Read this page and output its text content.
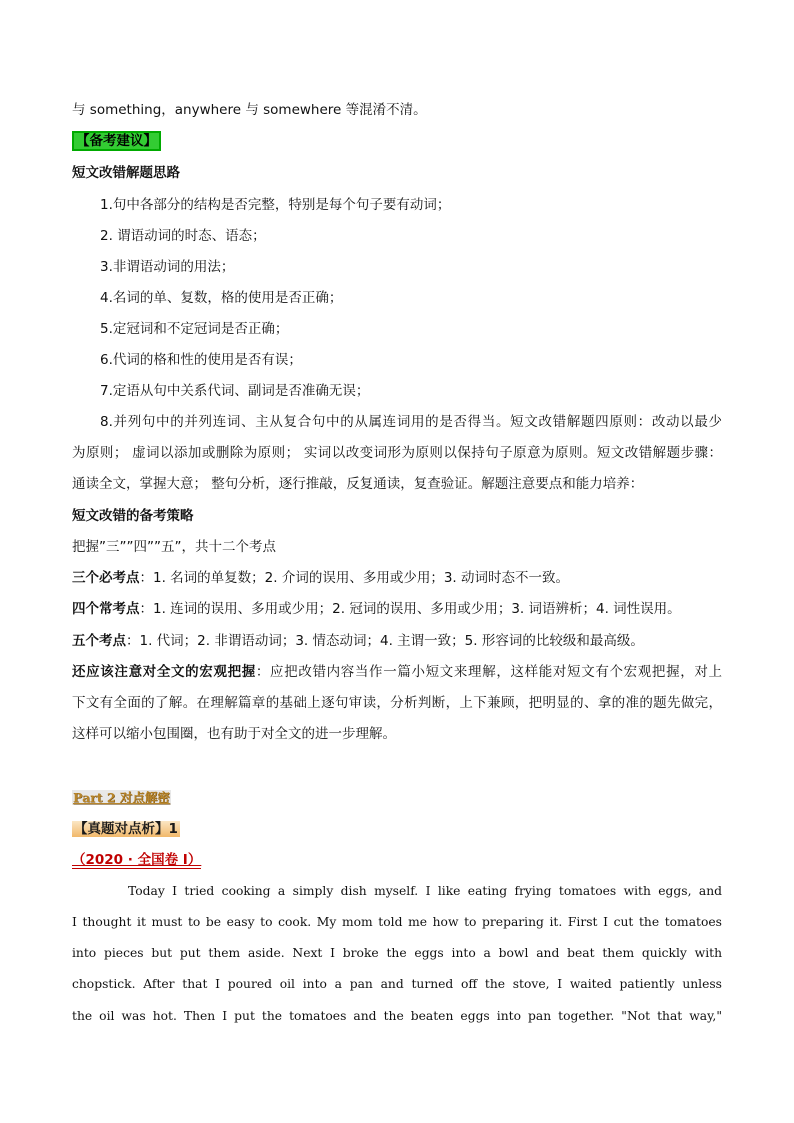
与 something，anywhere 与 somewhere 等混淆不清。
【备考建议】
短文改错解题思路
1.句中各部分的结构是否完整，特别是每个句子要有动词；
2. 谓语动词的时态、语态；
3.非谓语动词的用法；
4.名词的单、复数，格的使用是否正确；
5.定冠词和不定冠词是否正确；
6.代词的格和性的使用是否有误；
7.定语从句中关系代词、副词是否准确无误；
8.并列句中的并列连词、主从复合句中的从属连词用的是否得当。短文改错解题四原则：改动以最少
为原则； 虚词以添加或删除为原则； 实词以改变词形为原则以保持句子原意为原则。短文改错解题步骤：
通读全文，掌握大意； 整句分析，逐行推敲，反复通读，复查验证。解题注意要点和能力培养：
短文改错的备考策略
把握”三””四””五”，共十二个考点
三个必考点：1. 名词的单复数；2. 介词的误用、多用或少用；3. 动词时态不一致。
四个常考点：1. 连词的误用、多用或少用；2. 冠词的误用、多用或少用；3. 词语辨析；4. 词性误用。
五个考点：1. 代词；2. 非谓语动词；3. 情态动词；4. 主谓一致；5. 形容词的比较级和最高级。
还应该注意对全文的宏观把握：应把改错内容当作一篇小短文来理解，这样能对短文有个宏观把握，对上
下文有全面的了解。在理解篇章的基础上逐句审读，分析判断，上下兼顾，把明显的、拿的准的题先做完，
这样可以缩小包围圈，也有助于对全文的进一步理解。
Part 2 对点解密
【真题对点析】1
（2020 · 全国卷 I）
Today I tried cooking a simply dish myself. I like eating frying tomatoes with eggs, and
I thought it must to be easy to cook. My mom told me how to preparing it. First I cut the tomatoes
into pieces but put them aside. Next I broke the eggs into a bowl and beat them quickly with
chopstick. After that I poured oil into a pan and turned off the stove, I waited patiently unless
the oil was hot. Then I put the tomatoes and the beaten eggs into pan together. "Not that way,"
